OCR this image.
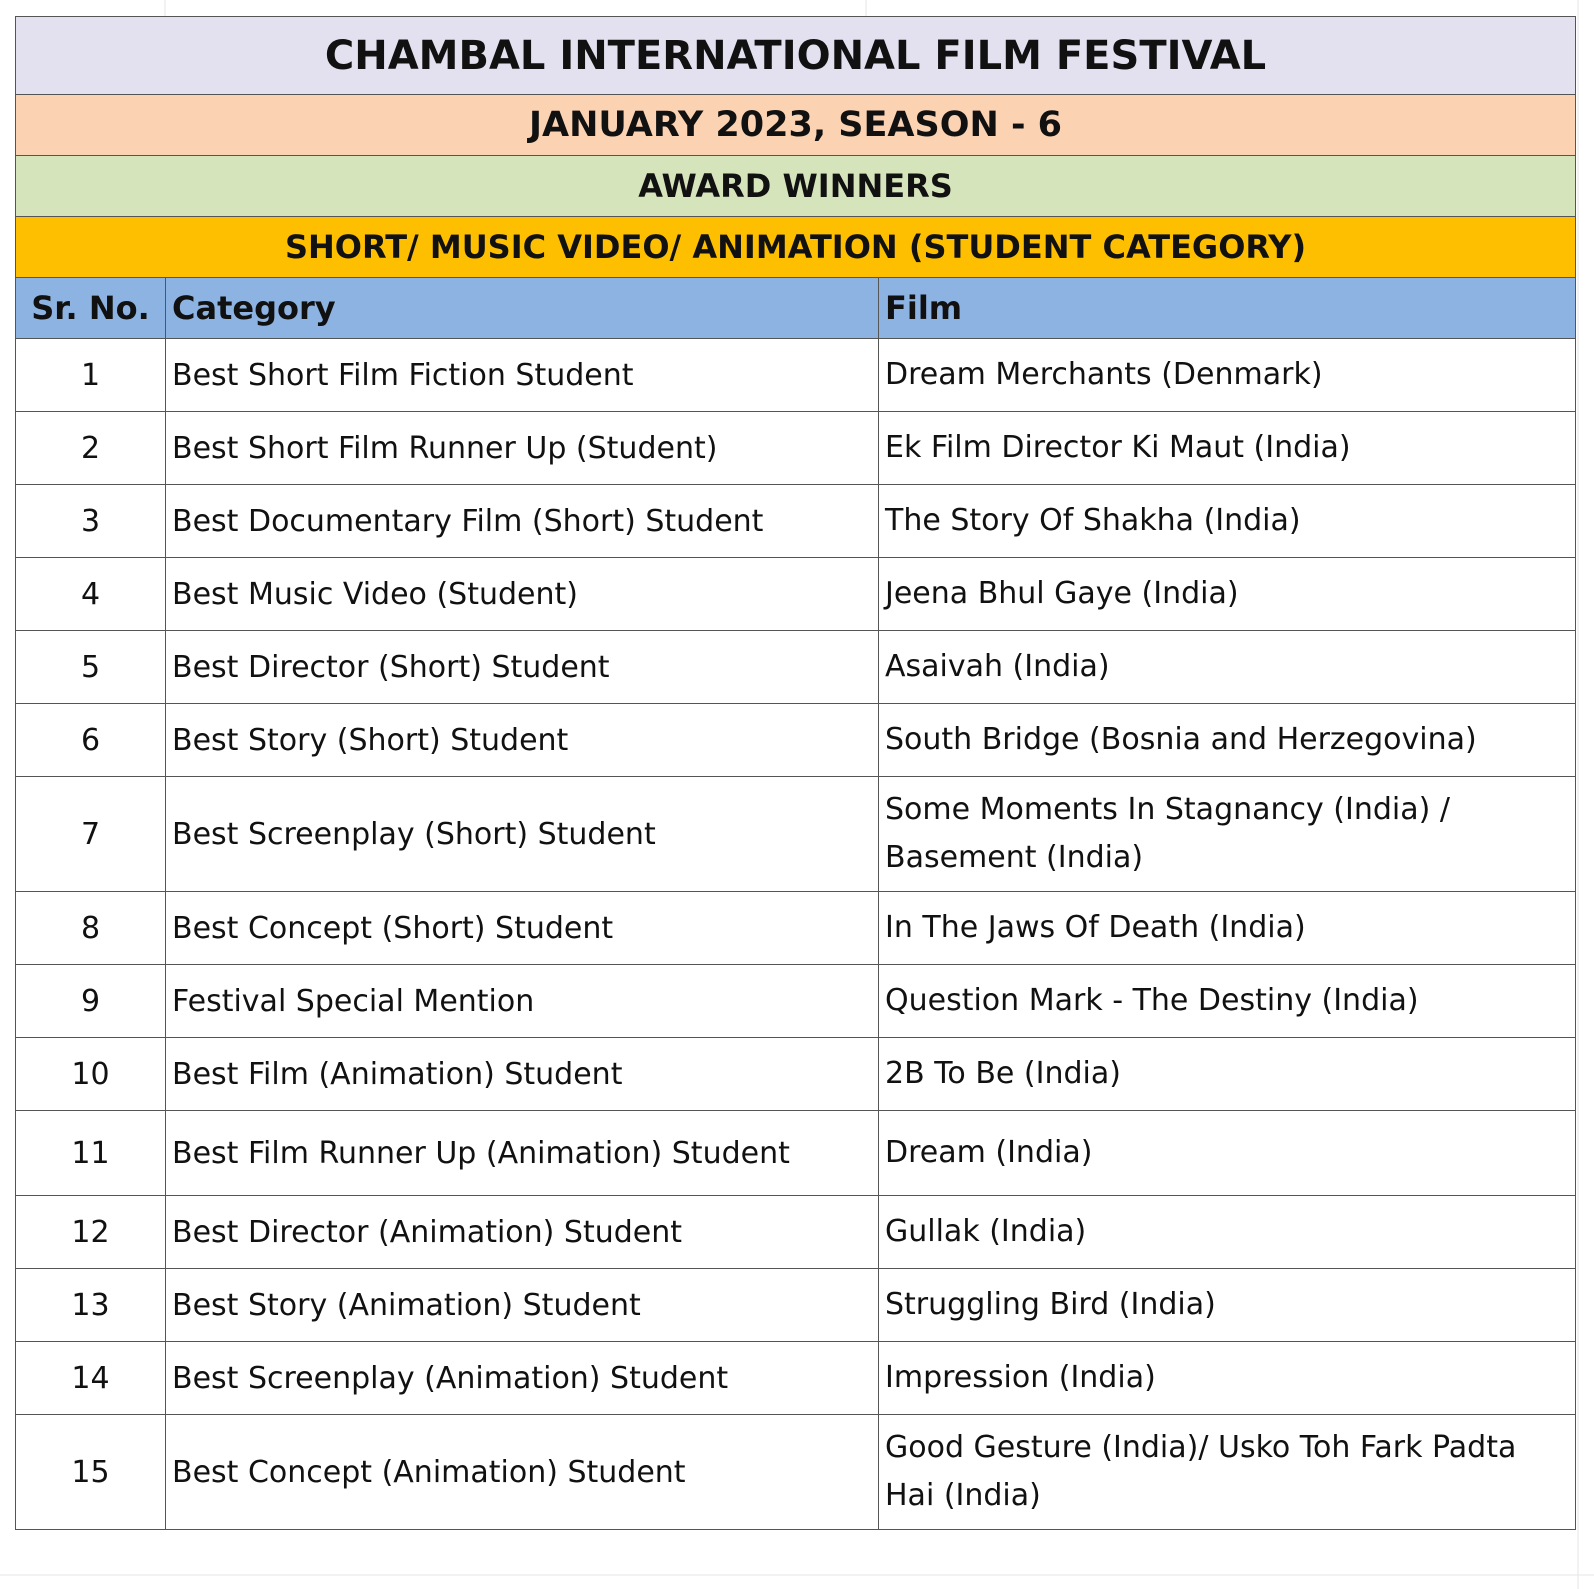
CHAMBAL INTERNATIONAL FILM FESTIVAL		
JANUARY 2023, SEASON - 6		
AWARD WINNERS		
SHORT/ MUSIC VIDEO/ ANIMATION (STUDENT CATEGORY)		
Sr. No.	Category	Film
1	Best Short Film Fiction Student	Dream Merchants (Denmark)
2	Best Short Film Runner Up (Student)	Ek Film Director Ki Maut (India)
3	Best Documentary Film (Short) Student	The Story Of Shakha (India)
4	Best Music Video (Student)	Jeena Bhul Gaye (India)
5	Best Director (Short) Student	Asaivah (India)
6	Best Story (Short) Student	South Bridge (Bosnia and Herzegovina)
7	Best Screenplay (Short) Student	Some Moments In Stagnancy (India) / Basement (India)
8	Best Concept (Short) Student	In The Jaws Of Death (India)
9	Festival Special Mention	Question Mark - The Destiny (India)
10	Best Film (Animation) Student	2B To Be (India)
11	Best Film Runner Up (Animation) Student	Dream (India)
12	Best Director (Animation) Student	Gullak (India)
13	Best Story (Animation) Student	Struggling Bird (India)
14	Best Screenplay (Animation) Student	Impression (India)
15	Best Concept (Animation) Student	Good Gesture (India)/ Usko Toh Fark Padta Hai (India)
